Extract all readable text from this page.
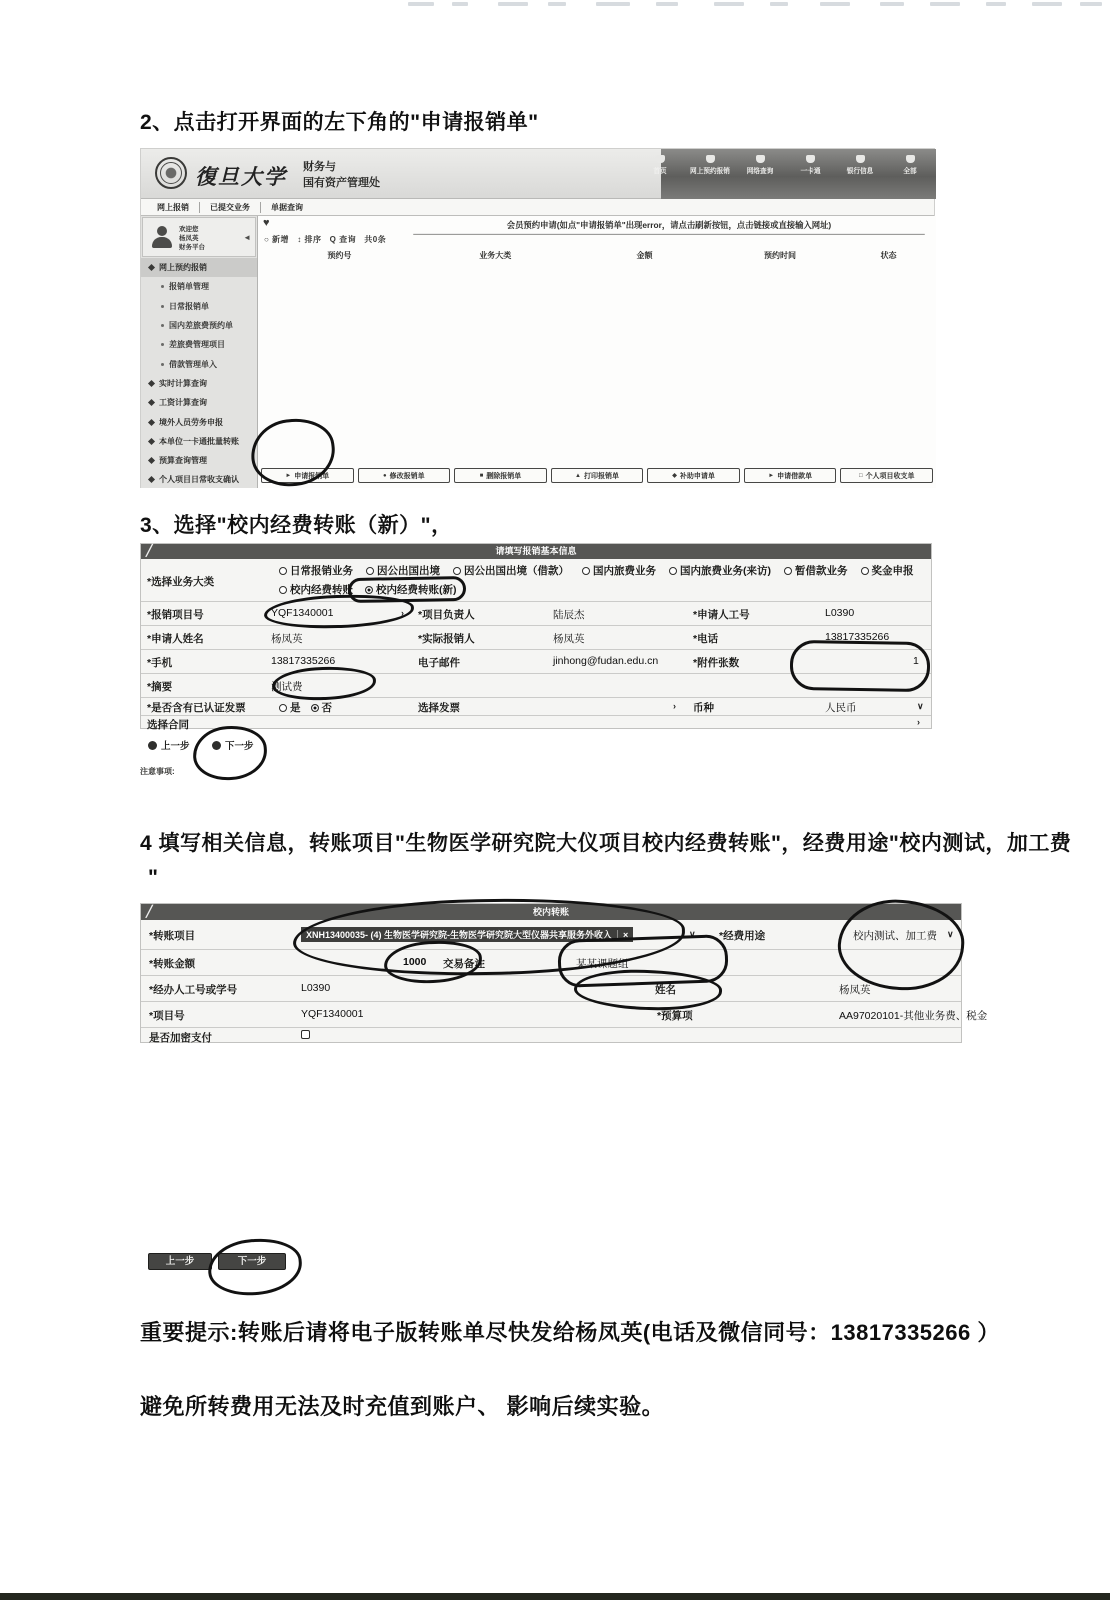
2、点击打开界面的左下角的"申请报销单"
首页	网上预约报销 网络查询	一卡通	银行信息	全部
復旦大学 财务与
国有资产管理处
网上报销	已提交业务	单据查询
欢迎您
杨凤英
财务平台
◄
网上预约报销
报销单管理
日常报销单
国内差旅费预约单
差旅费管理项目
借款管理单入
实时计算查询
工资计算查询
境外人员劳务申报
本单位一卡通批量转账
预算查询管理
个人项目日常收支确认
♥	会员预约申请(如点"申请报销单"出现error，请点击刷新按钮，点击链接或直接输入网址)
○ 新增 ↕ 排序 Q 查询 共0条
预约号	业务大类	金额	预约时间	状态
► 申请报销单	● 修改报销单	■ 删除报销单	▲ 打印报销单	◆ 补助申请单	► 申请借款单	□ 个人项目收支单
3、选择"校内经费转账（新）"，
╱	请填写报销基本信息
*选择业务大类
日常报销业务 因公出国出境 因公出国出境（借款） 国内旅费业务 国内旅费业务(来访) 暂借款业务 奖金申报
校内经费转账 校内经费转账(新)
*报销项目号	YQF1340001	› *项目负责人	陆辰杰	*申请人工号	L0390
*申请人姓名	杨凤英	*实际报销人	杨凤英	*电话	13817335266
*手机	13817335266	电子邮件	jinhong@fudan.edu.cn	*附件张数	1
*摘要	测试费
*是否含有已认证发票	是 否	选择发票	› 币种	人民币	∨
选择合同	›
上一步	下一步
注意事项:
4 填写相关信息，转账项目"生物医学研究院大仪项目校内经费转账"，经费用途"校内测试，加工费
"
╱	校内转账
*转账项目	XNH13400035- (4) 生物医学研究院-生物医学研究院大型仪器共享服务外收入	×	∨ *经费用途	校内测试、加工费 ∨
*转账金额	1000 交易备注	某某课题组
*经办人工号或学号	L0390	姓名	杨凤英
*项目号	YQF1340001	*预算项	AA97020101-其他业务费、税金
是否加密支付
上一步	下一步
重要提示:转账后请将电子版转账单尽快发给杨凤英(电话及微信同号：13817335266 ）
避免所转费用无法及时充值到账户、 影响后续实验。
